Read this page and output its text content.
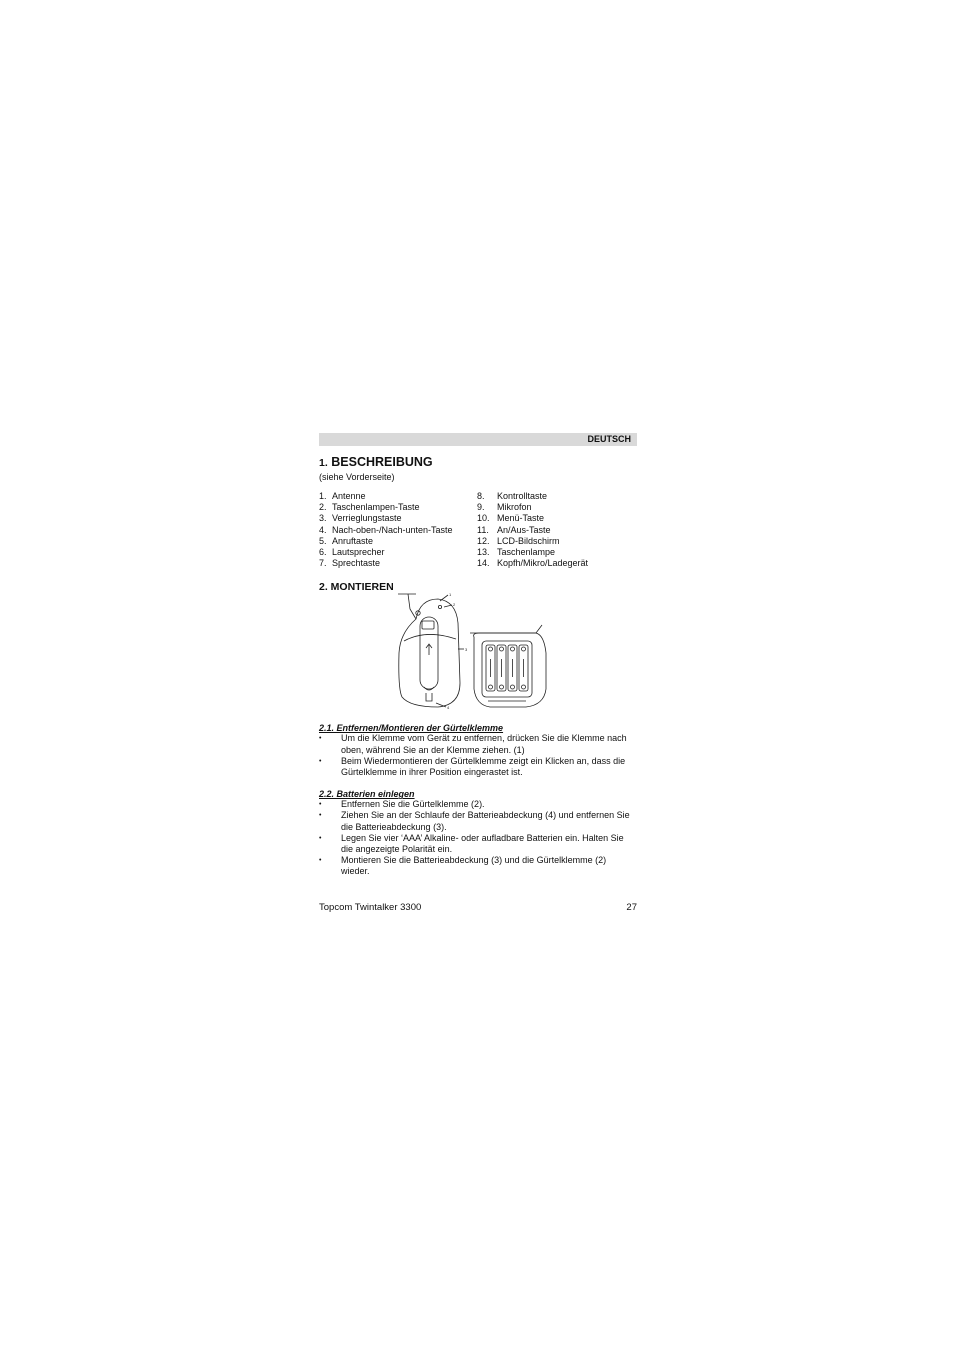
DEUTSCH
1. BESCHREIBUNG
(siehe Vorderseite)
1. Antenne
2. Taschenlampen-Taste
3. Verrieglungstaste
4. Nach-oben-/Nach-unten-Taste
5. Anruftaste
6. Lautsprecher
7. Sprechtaste
8.	Kontrolltaste
9.	Mikrofon
10. Menü-Taste
11. An/Aus-Taste
12. LCD-Bildschirm
13. Taschenlampe
14. Kopfh/Mikro/Ladegerät
2. MONTIEREN
1
2
3
4
2.1. Entfernen/Montieren der Gürtelklemme
•	Um die Klemme vom Gerät zu entfernen, drücken Sie die Klemme nach oben, während Sie an der Klemme ziehen. (1)
•	Beim Wiedermontieren der Gürtelklemme zeigt ein Klicken an, dass die Gürtelklemme in ihrer Position eingerastet ist.
2.2. Batterien einlegen
•	Entfernen Sie die Gürtelklemme (2).
•	Ziehen Sie an der Schlaufe der Batterieabdeckung (4) und entfernen Sie die Batterieabdeckung (3).
•	Legen Sie vier ‘AAA’ Alkaline- oder aufladbare Batterien ein. Halten Sie die angezeigte Polarität ein.
•	Montieren Sie die Batterieabdeckung (3) und die Gürtelklemme (2) wieder.
Topcom Twintalker 3300	27
